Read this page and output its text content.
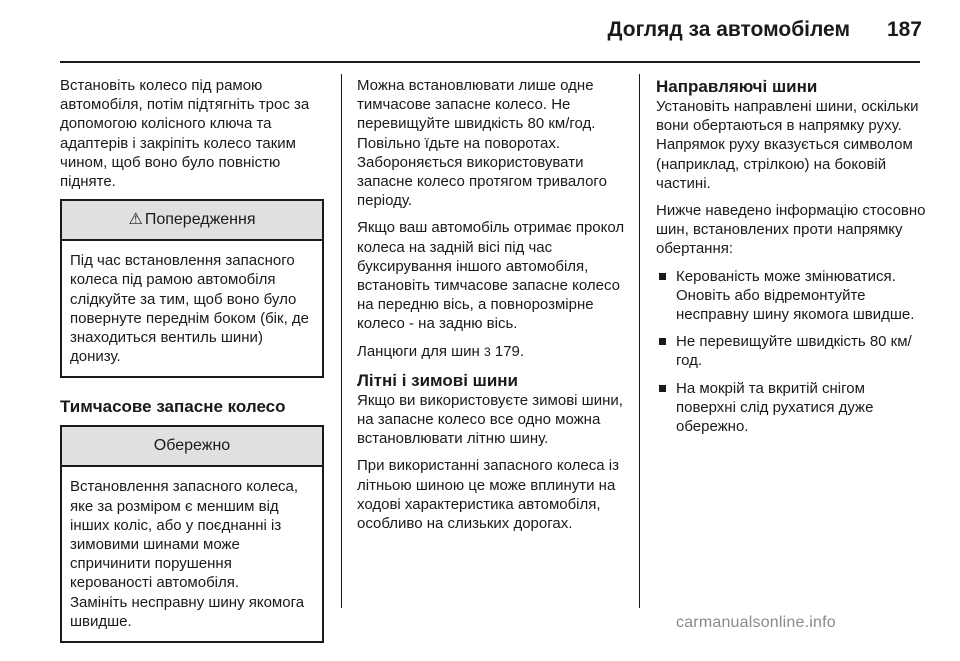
Догляд за автомобілем	187

Встановіть колесо під рамою автомобіля, потім підтягніть трос за допомогою колісного ключа та адаптерів і закріпіть колесо таким чином, щоб воно було повністю підняте.

⚠ Попередження
Під час встановлення запасного колеса під рамою автомобіля слідкуйте за тим, щоб воно було повернуте переднім боком (бік, де знаходиться вентиль шини) донизу.
Тимчасове запасне колесо
Обережно
Встановлення запасного колеса, яке за розміром є меншим від інших коліс, або у поєднанні із зимовими шинами може спричинити порушення керованості автомобіля.
Замініть несправну шину якомога швидше.

Можна встановлювати лише одне тимчасове запасне колесо. Не перевищуйте швидкість 80 км/год. Повільно їдьте на поворотах. Забороняється використовувати запасне колесо протягом тривалого періоду.

Якщо ваш автомобіль отримає прокол колеса на задній вісі під час буксирування іншого автомобіля, встановіть тимчасове запасне колесо на передню вісь, а повнорозмірне колесо - на задню вісь.

Ланцюги для шин 3 179.

Літні і зимові шини

Якщо ви використовуєте зимові шини, на запасне колесо все одно можна встановлювати літню шину.

При використанні запасного колеса із літньою шиною це може вплинути на ходові характеристика автомобіля, особливо на слизьких дорогах.

Направляючі шини

Установіть направлені шини, оскільки вони обертаються в напрямку руху. Напрямок руху вказується символом (наприклад, стрілкою) на боковій частині.

Нижче наведено інформацію стосовно шин, встановлених проти напрямку обертання:

Керованість може змінюватися. Оновіть або відремонтуйте несправну шину якомога швидше.
Не перевищуйте швидкість 80 км/год.
На мокрій та вкритій снігом поверхні слід рухатися дуже обережно.
carmanualsonline.info
